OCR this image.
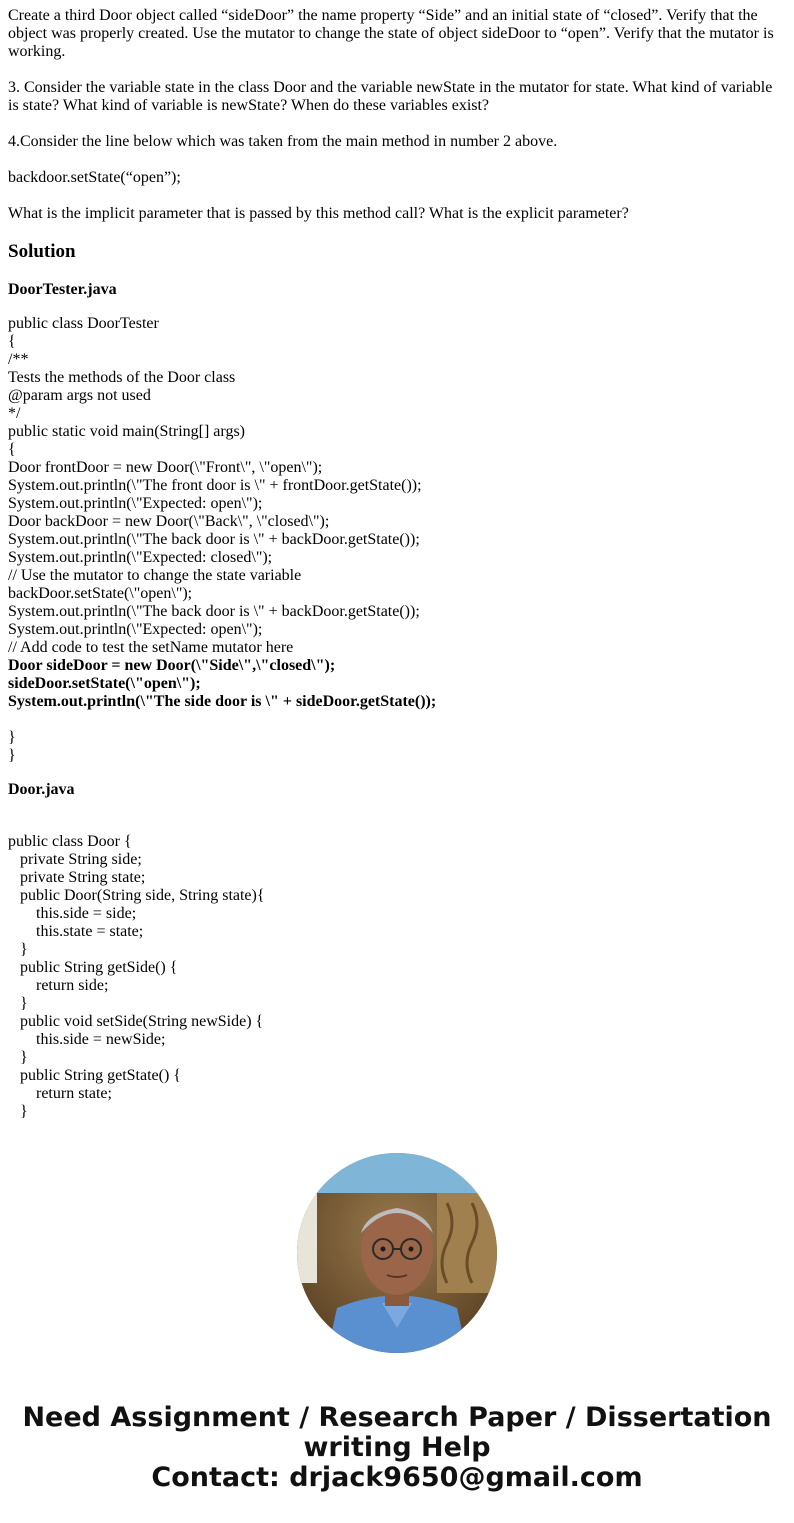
Create a third Door object called “sideDoor” the name property “Side” and an initial state of “closed”. Verify that the object was properly created. Use the mutator to change the state of object sideDoor to “open”. Verify that the mutator is working.

3. Consider the variable state in the class Door and the variable newState in the mutator for state. What kind of variable is state? What kind of variable is newState? When do these variables exist?

4.Consider the line below which was taken from the main method in number 2 above.

backdoor.setState(“open”);

What is the implicit parameter that is passed by this method call? What is the explicit parameter?

Solution
DoorTester.java
public class DoorTester
{
/**
Tests the methods of the Door class
@param args not used
*/
public static void main(String[] args)
{
Door frontDoor = new Door(\"Front\", \"open\");
System.out.println(\"The front door is \" + frontDoor.getState());
System.out.println(\"Expected: open\");
Door backDoor = new Door(\"Back\", \"closed\");
System.out.println(\"The back door is \" + backDoor.getState());
System.out.println(\"Expected: closed\");
// Use the mutator to change the state variable
backDoor.setState(\"open\");
System.out.println(\"The back door is \" + backDoor.getState());
System.out.println(\"Expected: open\");
// Add code to test the setName mutator here
Door sideDoor = new Door(\"Side\",\"closed\");
sideDoor.setState(\"open\");
System.out.println(\"The side door is \" + sideDoor.getState());
}
}
Door.java
public class Door {
private String side;
private String state;
public Door(String side, String state){
this.side = side;
this.state = state;
}
public String getSide() {
return side;
}
public void setSide(String newSide) {
this.side = newSide;
}
public String getState() {
return state;
}
Need Assignment / Research Paper / Dissertation
writing Help
Contact: drjack9650@gmail.com
